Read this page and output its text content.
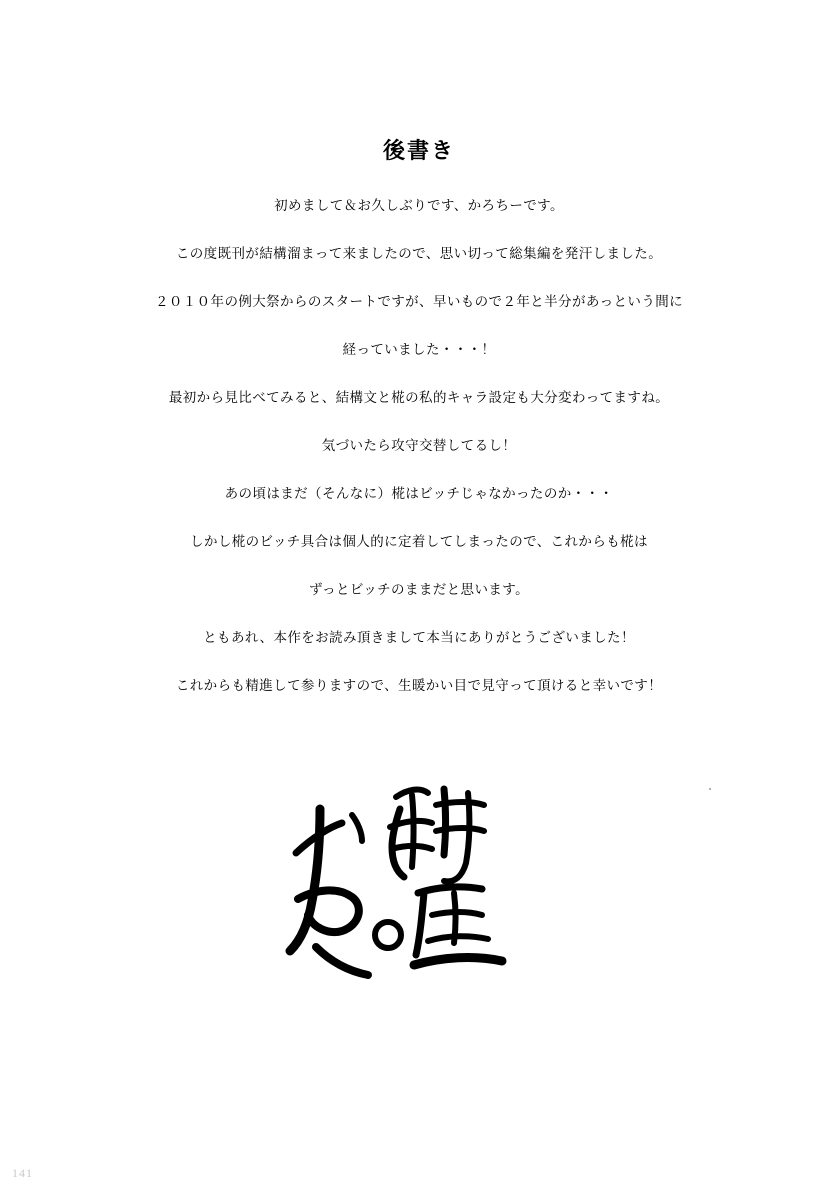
後書き

初めまして＆お久しぶりです、かろちーです。

この度既刊が結構溜まって来ましたので、思い切って総集編を発汗しました。

２０１０年の例大祭からのスタートですが、早いもので２年と半分があっという間に

経っていました・・・！

最初から見比べてみると、結構文と椛の私的キャラ設定も大分変わってますね。

気づいたら攻守交替してるし！

あの頃はまだ（そんなに）椛はビッチじゃなかったのか・・・

しかし椛のビッチ具合は個人的に定着してしまったので、これからも椛は

ずっとビッチのままだと思います。

ともあれ、本作をお読み頂きまして本当にありがとうございました！

これからも精進して参りますので、生暖かい目で見守って頂けると幸いです！

141
